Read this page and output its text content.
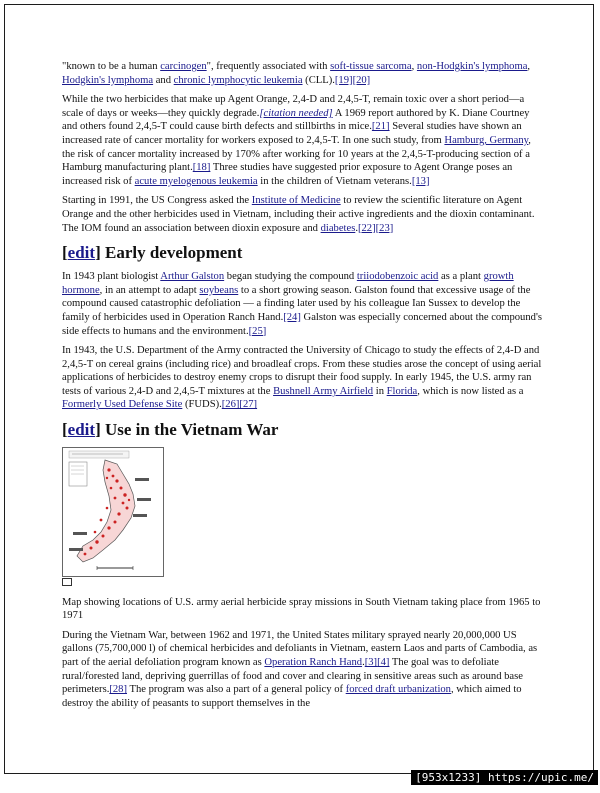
"known to be a human carcinogen", frequently associated with soft-tissue sarcoma, non-Hodgkin's lymphoma, Hodgkin's lymphoma and chronic lymphocytic leukemia (CLL).[19][20]

While the two herbicides that make up Agent Orange, 2,4-D and 2,4,5-T, remain toxic over a short period—a scale of days or weeks—they quickly degrade.[citation needed] A 1969 report authored by K. Diane Courtney and others found 2,4,5-T could cause birth defects and stillbirths in mice.[21] Several studies have shown an increased rate of cancer mortality for workers exposed to 2,4,5-T. In one such study, from Hamburg, Germany, the risk of cancer mortality increased by 170% after working for 10 years at the 2,4,5-T-producing section of a Hamburg manufacturing plant.[18] Three studies have suggested prior exposure to Agent Orange poses an increased risk of acute myelogenous leukemia in the children of Vietnam veterans.[13]

Starting in 1991, the US Congress asked the Institute of Medicine to review the scientific literature on Agent Orange and the other herbicides used in Vietnam, including their active ingredients and the dioxin contaminant. The IOM found an association between dioxin exposure and diabetes.[22][23]

[edit] Early development

In 1943 plant biologist Arthur Galston began studying the compound triiodobenzoic acid as a plant growth hormone, in an attempt to adapt soybeans to a short growing season. Galston found that excessive usage of the compound caused catastrophic defoliation — a finding later used by his colleague Ian Sussex to develop the family of herbicides used in Operation Ranch Hand.[24] Galston was especially concerned about the compound's side effects to humans and the environment.[25]

In 1943, the U.S. Department of the Army contracted the University of Chicago to study the effects of 2,4-D and 2,4,5-T on cereal grains (including rice) and broadleaf crops. From these studies arose the concept of using aerial applications of herbicides to destroy enemy crops to disrupt their food supply. In early 1945, the U.S. army ran tests of various 2,4-D and 2,4,5-T mixtures at the Bushnell Army Airfield in Florida, which is now listed as a Formerly Used Defense Site (FUDS).[26][27]

[edit] Use in the Vietnam War

Map showing locations of U.S. army aerial herbicide spray missions in South Vietnam taking place from 1965 to 1971

During the Vietnam War, between 1962 and 1971, the United States military sprayed nearly 20,000,000 US gallons (75,700,000 l) of chemical herbicides and defoliants in Vietnam, eastern Laos and parts of Cambodia, as part of the aerial defoliation program known as Operation Ranch Hand.[3][4] The goal was to defoliate rural/forested land, depriving guerrillas of food and cover and clearing in sensitive areas such as around base perimeters.[28] The program was also a part of a general policy of forced draft urbanization, which aimed to destroy the ability of peasants to support themselves in the

[953x1233] https://upic.me/
